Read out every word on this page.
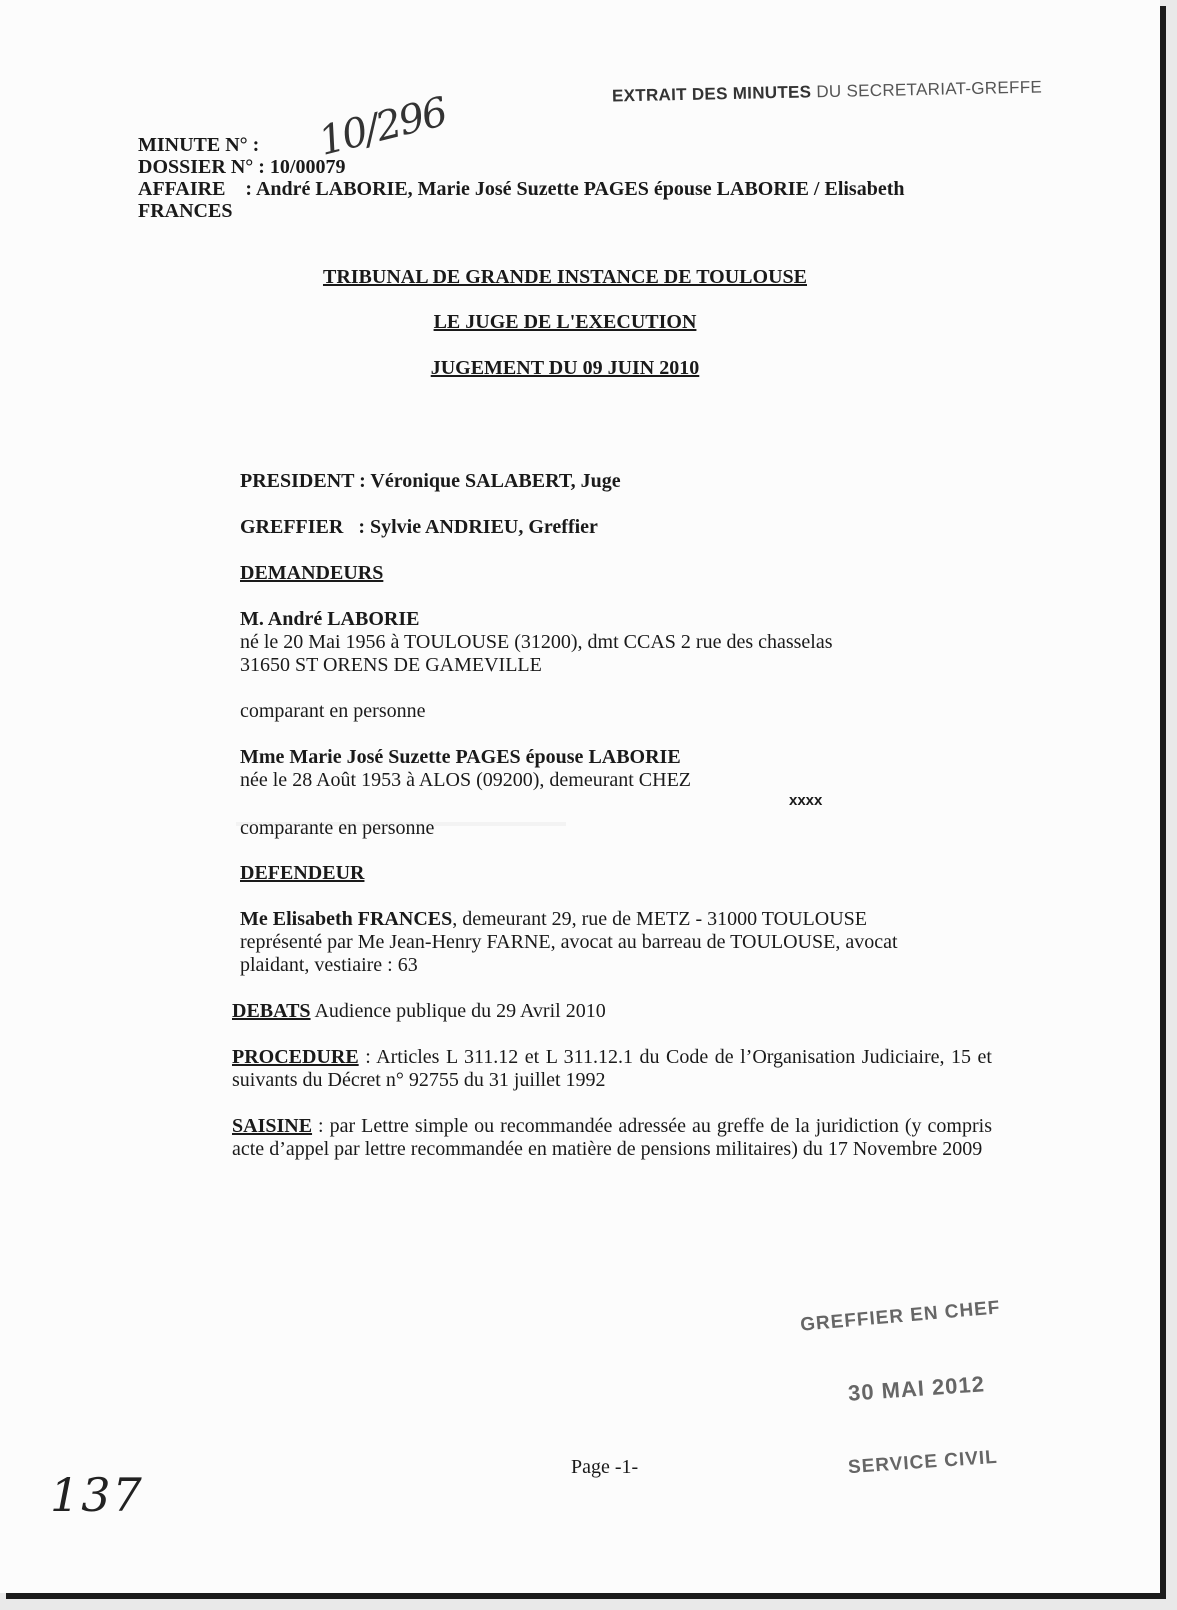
EXTRAIT DES MINUTES DU SECRETARIAT-GREFFE
MINUTE N° : 10/296
DOSSIER N° : 10/00079
AFFAIRE : André LABORIE, Marie José Suzette PAGES épouse LABORIE / Elisabeth
FRANCES
TRIBUNAL DE GRANDE INSTANCE DE TOULOUSE
LE JUGE DE L'EXECUTION
JUGEMENT DU 09 JUIN 2010
PRESIDENT : Véronique SALABERT, Juge
GREFFIER   : Sylvie ANDRIEU, Greffier
DEMANDEURS
M. André LABORIE
né le 20 Mai 1956 à TOULOUSE (31200), dmt CCAS 2 rue des chasselas
31650 ST ORENS DE GAMEVILLE
comparant en personne
Mme Marie José Suzette PAGES épouse LABORIE
née le 28 Août 1953 à ALOS (09200), demeurant CHEZ
xxxx
comparante en personne
DEFENDEUR
Me Elisabeth FRANCES, demeurant 29, rue de METZ - 31000 TOULOUSE
représenté par Me Jean-Henry FARNE, avocat au barreau de TOULOUSE, avocat
plaidant, vestiaire : 63
DEBATS Audience publique du 29 Avril 2010
PROCEDURE : Articles L 311.12 et L 311.12.1 du Code de l’Organisation Judiciaire, 15 et suivants du Décret n° 92755 du 31 juillet 1992
SAISINE : par Lettre simple ou recommandée adressée au greffe de la juridiction (y compris acte d’appel par lettre recommandée en matière de pensions militaires) du 17 Novembre 2009
GREFFIER EN CHEF
30 MAI 2012
SERVICE CIVIL
Page -1-
137
